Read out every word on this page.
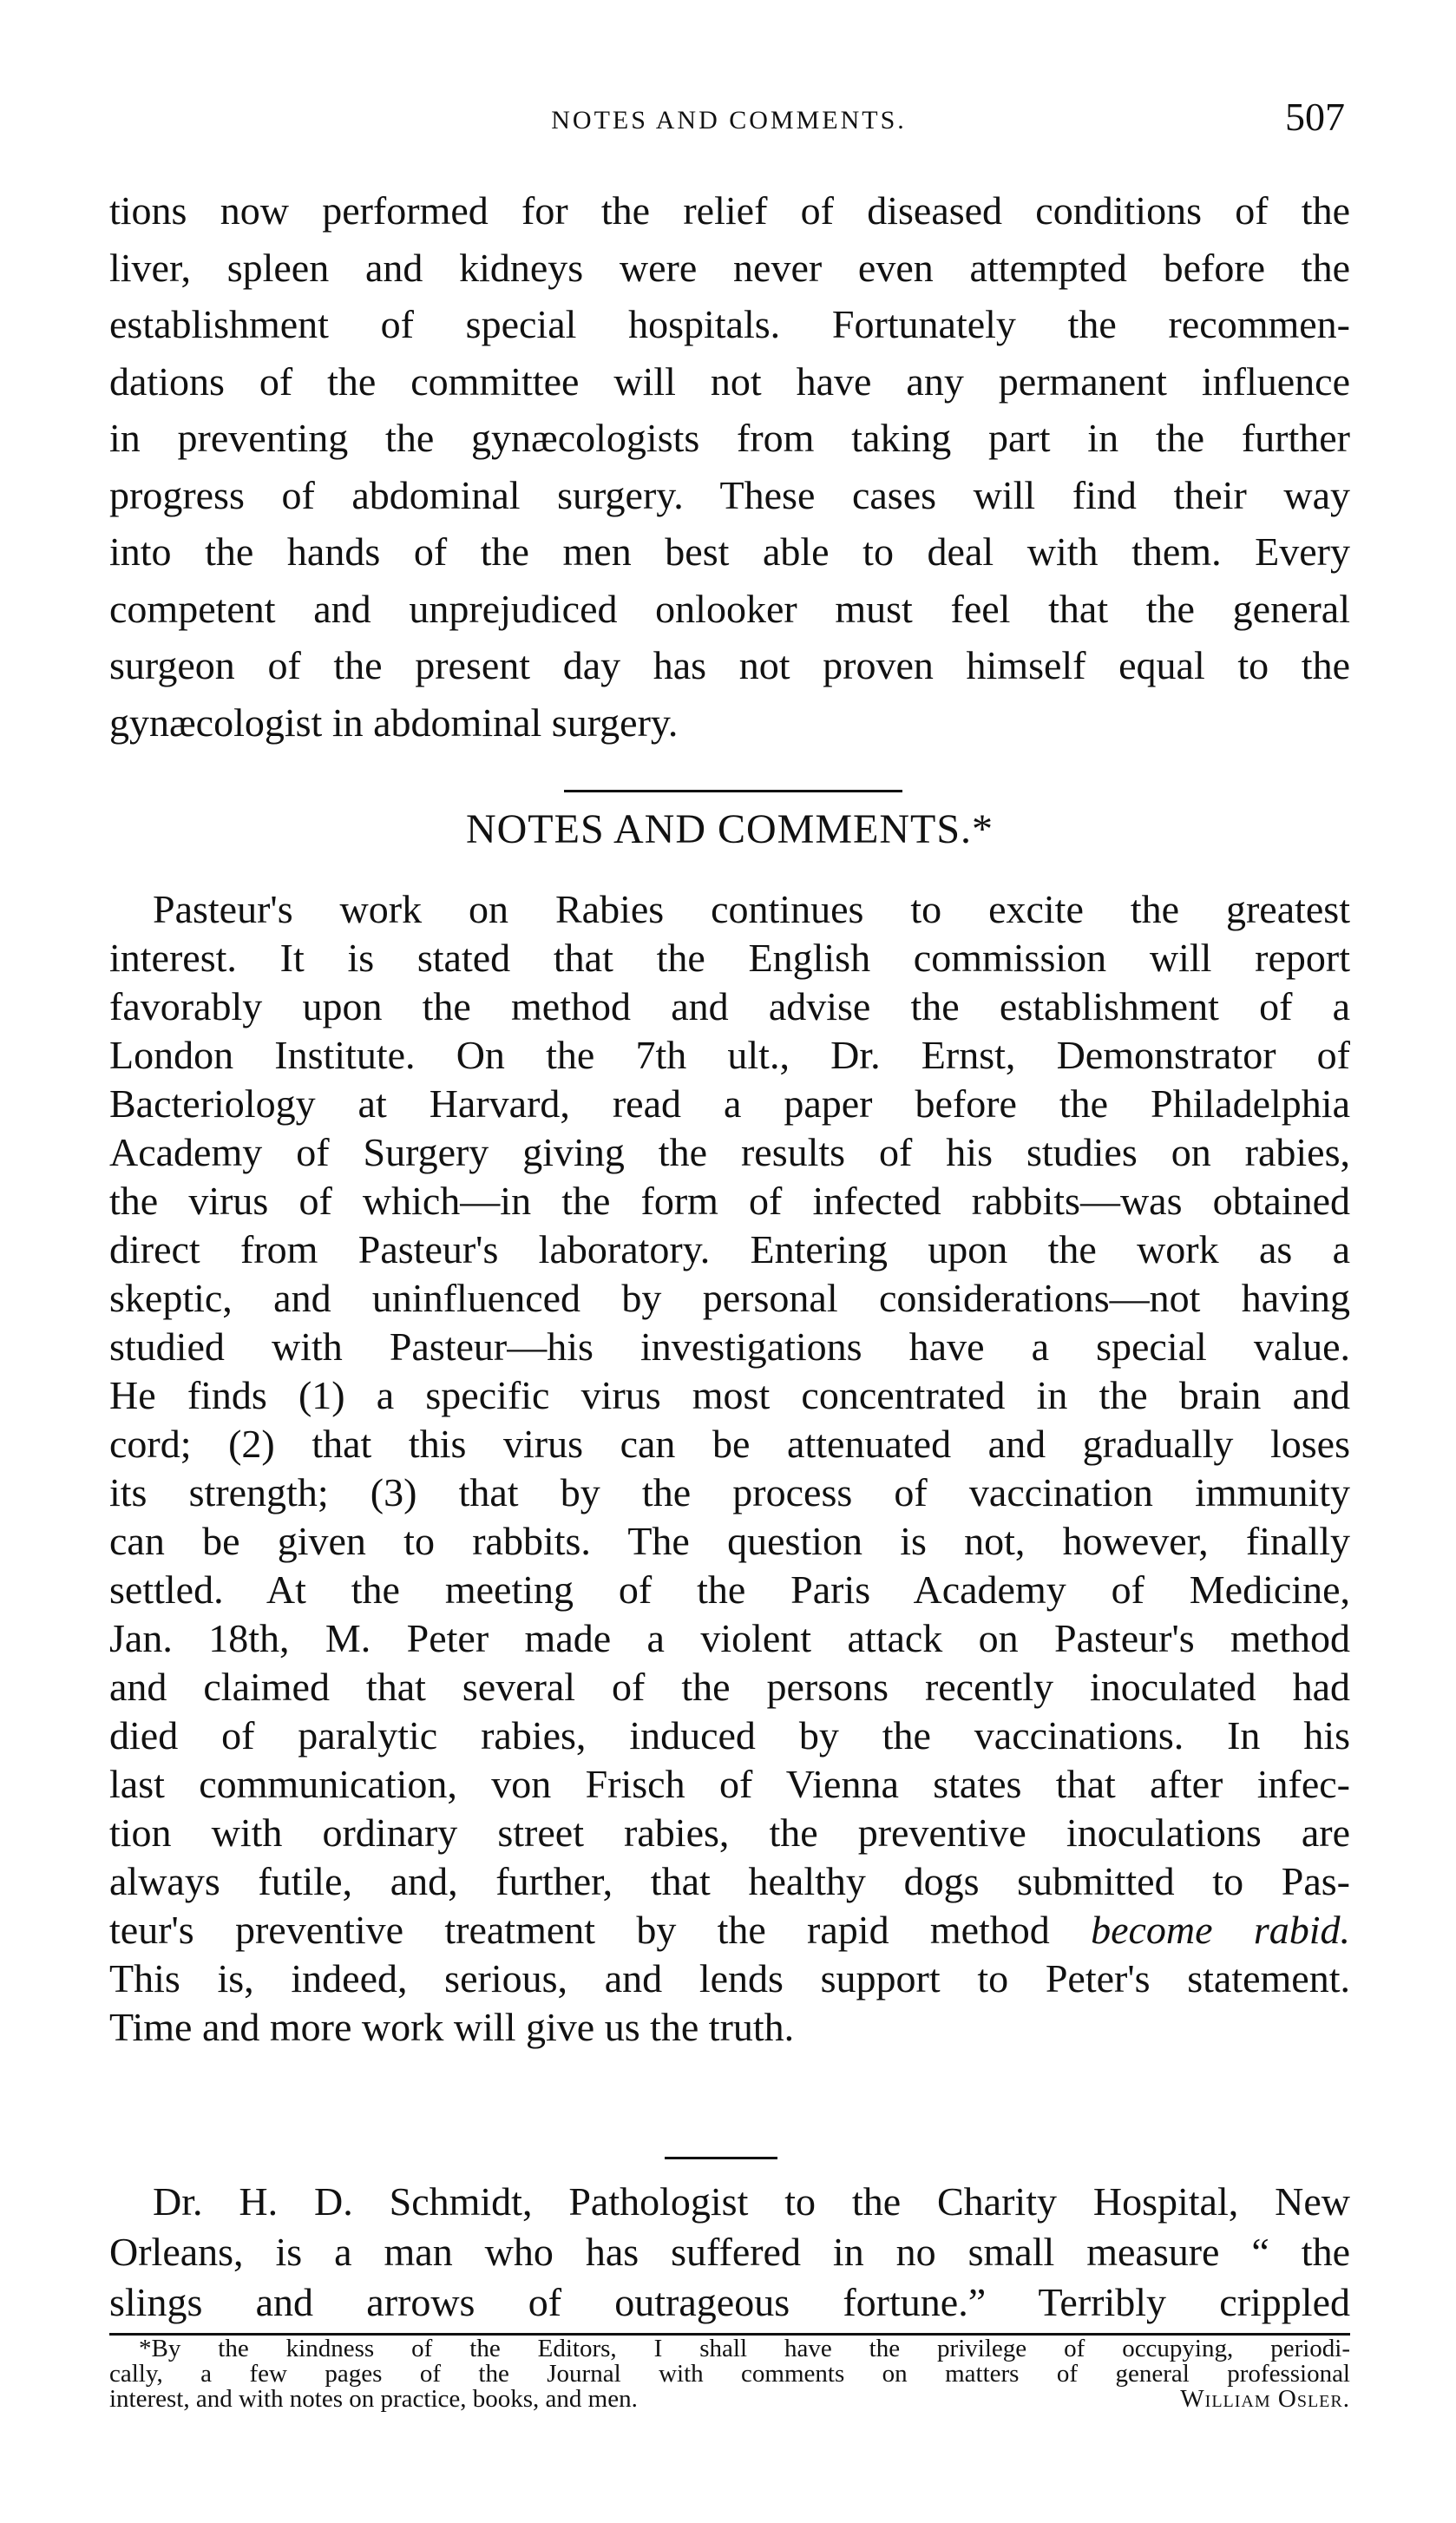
NOTES AND COMMENTS.	507
tions now performed for the relief of diseased conditions of the
liver, spleen and kidneys were never even attempted before the
establishment of special hospitals. Fortunately the recommen-
dations of the committee will not have any permanent influence
in preventing the gynæcologists from taking part in the further
progress of abdominal surgery. These cases will find their way
into the hands of the men best able to deal with them. Every
competent and unprejudiced onlooker must feel that the general
surgeon of the present day has not proven himself equal to the
gynæcologist in abdominal surgery.
NOTES AND COMMENTS.*
Pasteur's work on Rabies continues to excite the greatest
interest. It is stated that the English commission will report
favorably upon the method and advise the establishment of a
London Institute. On the 7th ult., Dr. Ernst, Demonstrator of
Bacteriology at Harvard, read a paper before the Philadelphia
Academy of Surgery giving the results of his studies on rabies,
the virus of which—in the form of infected rabbits—was obtained
direct from Pasteur's laboratory. Entering upon the work as a
skeptic, and uninfluenced by personal considerations—not having
studied with Pasteur—his investigations have a special value.
He finds (1) a specific virus most concentrated in the brain and
cord; (2) that this virus can be attenuated and gradually loses
its strength; (3) that by the process of vaccination immunity
can be given to rabbits. The question is not, however, finally
settled. At the meeting of the Paris Academy of Medicine,
Jan. 18th, M. Peter made a violent attack on Pasteur's method
and claimed that several of the persons recently inoculated had
died of paralytic rabies, induced by the vaccinations. In his
last communication, von Frisch of Vienna states that after infec-
tion with ordinary street rabies, the preventive inoculations are
always futile, and, further, that healthy dogs submitted to Pas-
teur's preventive treatment by the rapid method become rabid.
This is, indeed, serious, and lends support to Peter's statement.
Time and more work will give us the truth.
Dr. H. D. Schmidt, Pathologist to the Charity Hospital, New
Orleans, is a man who has suffered in no small measure “ the
slings and arrows of outrageous fortune.” Terribly crippled
*By the kindness of the Editors, I shall have the privilege of occupying, periodi-
cally, a few pages of the Journal with comments on matters of general professional
interest, and with notes on practice, books, and men.	William Osler.
